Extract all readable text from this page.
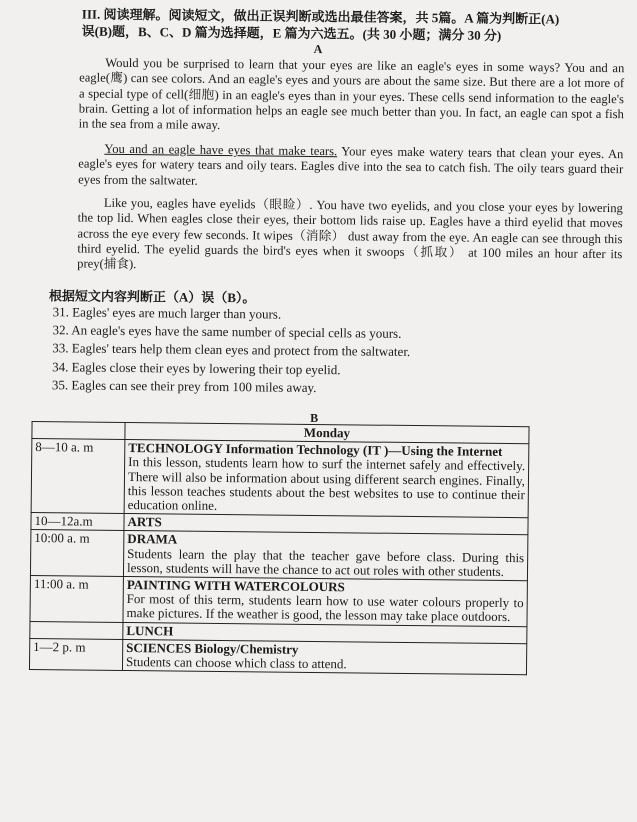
III. 阅读理解。阅读短文，做出正误判断或选出最佳答案，共 5篇。A 篇为判断正(A)
误(B)题，B、C、D 篇为选择题，E 篇为六选五。(共 30 小题；满分 30 分)
A
Would you be surprised to learn that your eyes are like an eagle's eyes in some ways? You and an eagle(鹰) can see colors. And an eagle's eyes and yours are about the same size. But there are a lot more of a special type of cell(细胞) in an eagle's eyes than in your eyes. These cells send information to the eagle's brain. Getting a lot of information helps an eagle see much better than you. In fact, an eagle can spot a fish in the sea from a mile away.
You and an eagle have eyes that make tears. Your eyes make watery tears that clean your eyes. An eagle's eyes for watery tears and oily tears. Eagles dive into the sea to catch fish. The oily tears guard their eyes from the saltwater.
Like you, eagles have eyelids（眼睑）. You have two eyelids, and you close your eyes by lowering the top lid. When eagles close their eyes, their bottom lids raise up. Eagles have a third eyelid that moves across the eye every few seconds. It wipes（消除） dust away from the eye. An eagle can see through this third eyelid. The eyelid guards the bird's eyes when it swoops（抓取） at 100 miles an hour after its prey(捕食).
根据短文内容判断正（A）误（B）。
31. Eagles' eyes are much larger than yours.
32. An eagle's eyes have the same number of special cells as yours.
33. Eagles' tears help them clean eyes and protect from the saltwater.
34. Eagles close their eyes by lowering their top eyelid.
35. Eagles can see their prey from 100 miles away.
B
	Monday
8—10 a. m	TECHNOLOGY Information Technology (IT )—Using the Internet
In this lesson, students learn how to surf the internet safely and effectively. There will also be information about using different search engines. Finally, this lesson teaches students about the best websites to use to continue their education online.

10—12a.m	ARTS

10:00 a. m	DRAMA
Students learn the play that the teacher gave before class. During this lesson, students will have the chance to act out roles with other students.

11:00 a. m	PAINTING WITH WATERCOLOURS
For most of this term, students learn how to use water colours properly to make pictures. If the weather is good, the lesson may take place outdoors.

	LUNCH

1—2 p. m	SCIENCES Biology/Chemistry
Students can choose which class to attend.
